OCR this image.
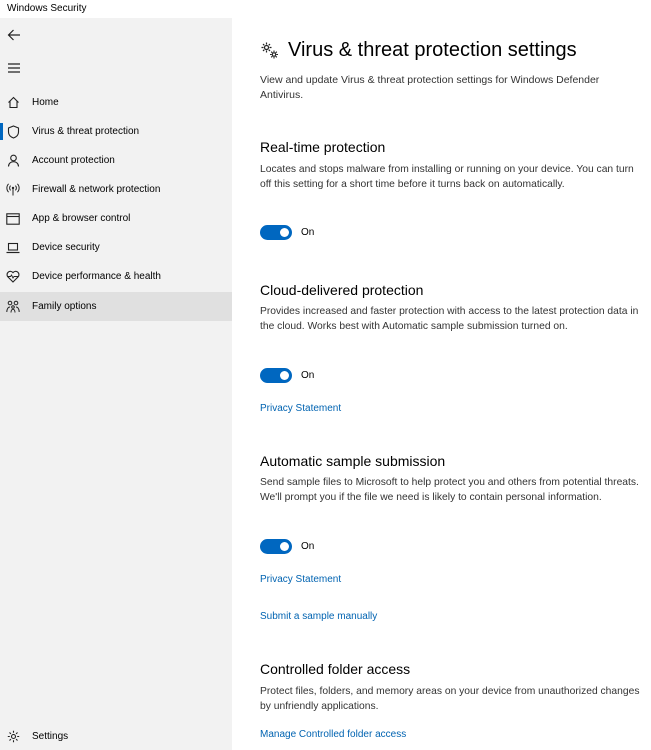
Windows Security
Home
Virus & threat protection
Account protection
Firewall & network protection
App & browser control
Device security
Device performance & health
Family options
Settings
Virus & threat protection settings
View and update Virus & threat protection settings for Windows Defender Antivirus.
Real-time protection
Locates and stops malware from installing or running on your device. You can turn off this setting for a short time before it turns back on automatically.
On
Cloud-delivered protection
Provides increased and faster protection with access to the latest protection data in the cloud. Works best with Automatic sample submission turned on.
On
Privacy Statement
Automatic sample submission
Send sample files to Microsoft to help protect you and others from potential threats. We'll prompt you if the file we need is likely to contain personal information.
On
Privacy Statement
Submit a sample manually
Controlled folder access
Protect files, folders, and memory areas on your device from unauthorized changes by unfriendly applications.
Manage Controlled folder access
